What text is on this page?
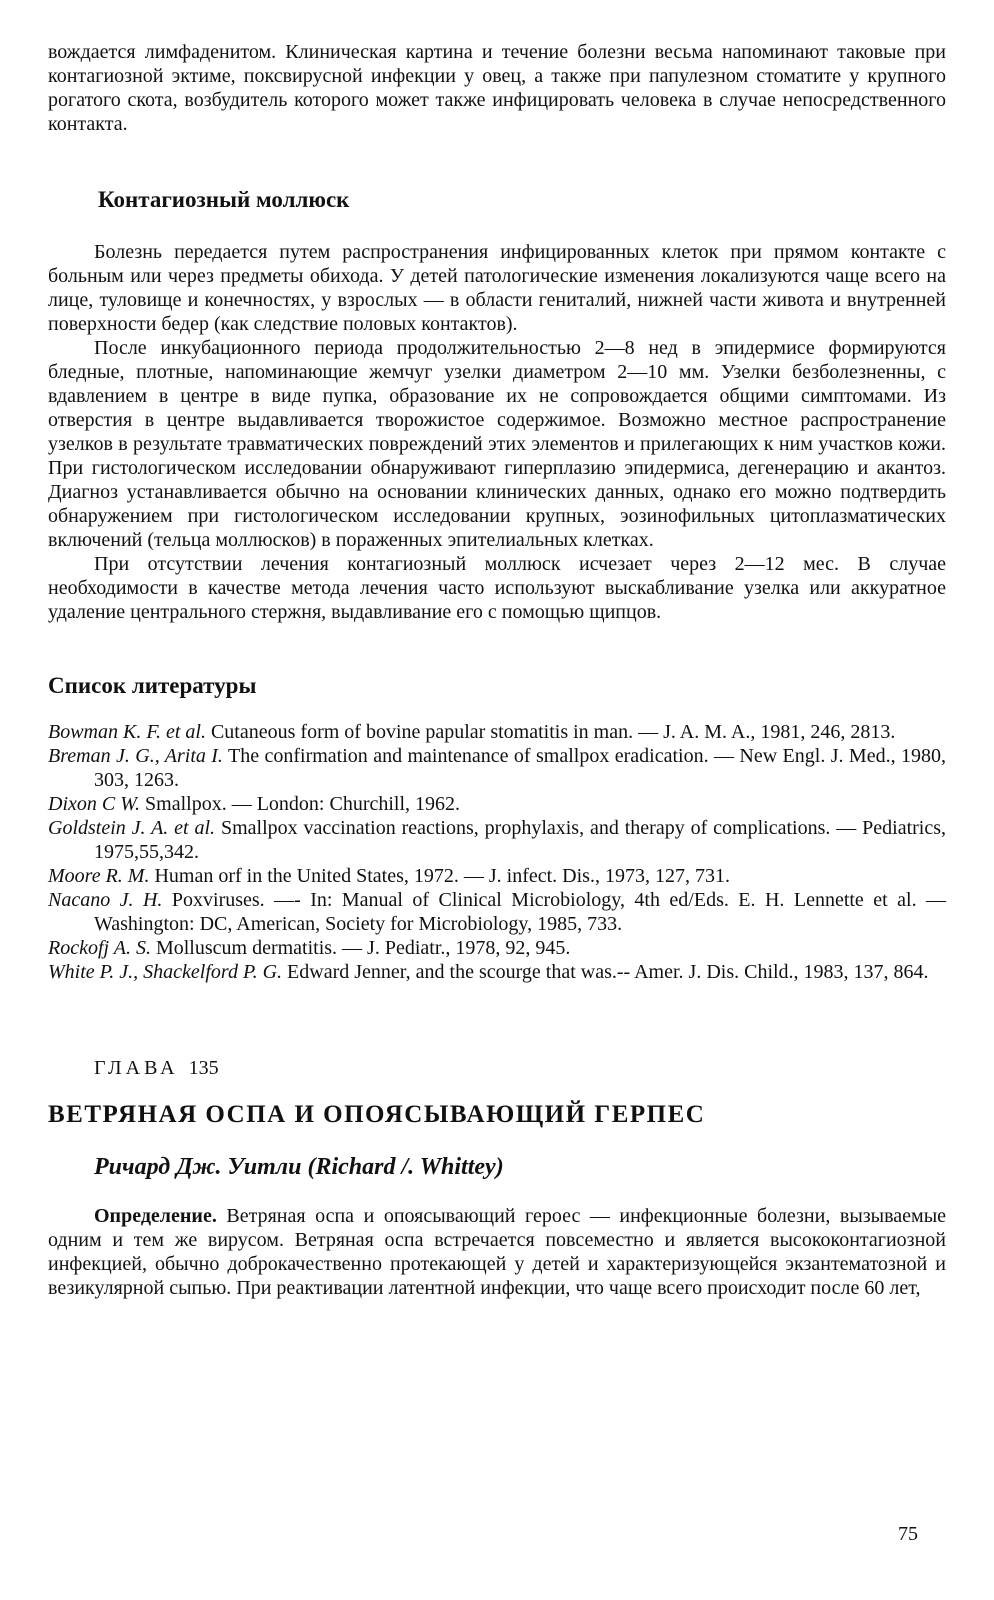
вождается лимфаденитом. Клиническая картина и течение болезни весьма напоминают таковые при контагиозной эктиме, поксвирусной инфекции у овец, а также при папулезном стоматите у крупного рогатого скота, возбудитель которого может также инфицировать человека в случае непосредственного контакта.

Контагиозный моллюск

Болезнь передается путем распространения инфицированных клеток при прямом контакте с больным или через предметы обихода. У детей патологические изменения локализуются чаще всего на лице, туловище и конечностях, у взрослых — в области гениталий, нижней части живота и внутренней поверхности бедер (как следствие половых контактов).

После инкубационного периода продолжительностью 2—8 нед в эпидермисе формируются бледные, плотные, напоминающие жемчуг узелки диаметром 2—10 мм. Узелки безболезненны, с вдавлением в центре в виде пупка, образование их не сопровождается общими симптомами. Из отверстия в центре выдавливается творожистое содержимое. Возможно местное распространение узелков в результате травматических повреждений этих элементов и прилегающих к ним участков кожи. При гистологическом исследовании обнаруживают гиперплазию эпидермиса, дегенерацию и акантоз. Диагноз устанавливается обычно на основании клинических данных, однако его можно подтвердить обнаружением при гистологическом исследовании крупных, эозинофильных цитоплазматических включений (тельца моллюсков) в пораженных эпителиальных клетках.

При отсутствии лечения контагиозный моллюск исчезает через 2—12 мес. В случае необходимости в качестве метода лечения часто используют выскабливание узелка или аккуратное удаление центрального стержня, выдавливание его с помощью щипцов.

Список литературы

Bowman K. F. et al. Cutaneous form of bovine papular stomatitis in man. — J. A. M. A., 1981, 246, 2813.

Breman J. G., Arita I. The confirmation and maintenance of smallpox eradication. — New Engl. J. Med., 1980, 303, 1263.

Dixon C W. Smallpox. — London: Churchill, 1962.

Goldstein J. A. et al. Smallpox vaccination reactions, prophylaxis, and therapy of complications. — Pediatrics, 1975,55,342.

Moore R. M. Human orf in the United States, 1972. — J. infect. Dis., 1973, 127, 731.

Nacano J. H. Poxviruses. —- In: Manual of Clinical Microbiology, 4th ed/Eds. E. H. Lennette et al. — Washington: DC, American, Society for Microbiology, 1985, 733.

Rockofj A. S. Molluscum dermatitis. — J. Pediatr., 1978, 92, 945.

White P. J., Shackelford P. G. Edward Jenner, and the scourge that was.-- Amer. J. Dis. Child., 1983, 137, 864.

ГЛАВА 135
ВЕТРЯНАЯ ОСПА И ОПОЯСЫВАЮЩИЙ ГЕРПЕС
Ричард Дж. Уитли (Richard /. Whittey)

Определение. Ветряная оспа и опоясывающий героес — инфекционные болезни, вызываемые одним и тем же вирусом. Ветряная оспа встречается повсеместно и является высококонтагиозной инфекцией, обычно доброкачественно протекающей у детей и характеризующейся экзантематозной и везикулярной сыпью. При реактивации латентной инфекции, что чаще всего происходит после 60 лет,

75
